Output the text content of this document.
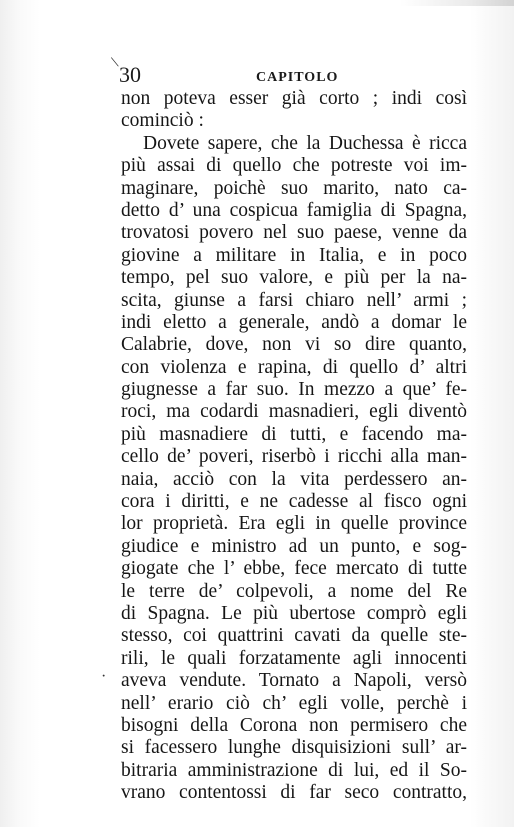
\
30	CAPITOLO
non poteva esser già corto ; indi così
cominciò :
Dovete sapere, che la Duchessa è ricca
più assai di quello che potreste voi im-
maginare, poichè suo marito, nato ca-
detto d’ una cospicua famiglia di Spagna,
trovatosi povero nel suo paese, venne da
giovine a militare in Italia, e in poco
tempo, pel suo valore, e più per la na-
scita, giunse a farsi chiaro nell’ armi ;
indi eletto a generale, andò a domar le
Calabrie, dove, non vi so dire quanto,
con violenza e rapina, di quello d’ altri
giugnesse a far suo. In mezzo a que’ fe-
roci, ma codardi masnadieri, egli diventò
più masnadiere di tutti, e facendo ma-
cello de’ poveri, riserbò i ricchi alla man-
naia, acciò con la vita perdessero an-
cora i diritti, e ne cadesse al fisco ogni
lor proprietà. Era egli in quelle province
giudice e ministro ad un punto, e sog-
giogate che l’ ebbe, fece mercato di tutte
le terre de’ colpevoli, a nome del Re
di Spagna. Le più ubertose comprò egli
stesso, coi quattrini cavati da quelle ste-
rili, le quali forzatamente agli innocenti
aveva vendute. Tornato a Napoli, versò
nell’ erario ciò ch’ egli volle, perchè i
bisogni della Corona non permisero che
si facessero lunghe disquisizioni sull’ ar-
bitraria amministrazione di lui, ed il So-
vrano contentossi di far seco contratto,
·
